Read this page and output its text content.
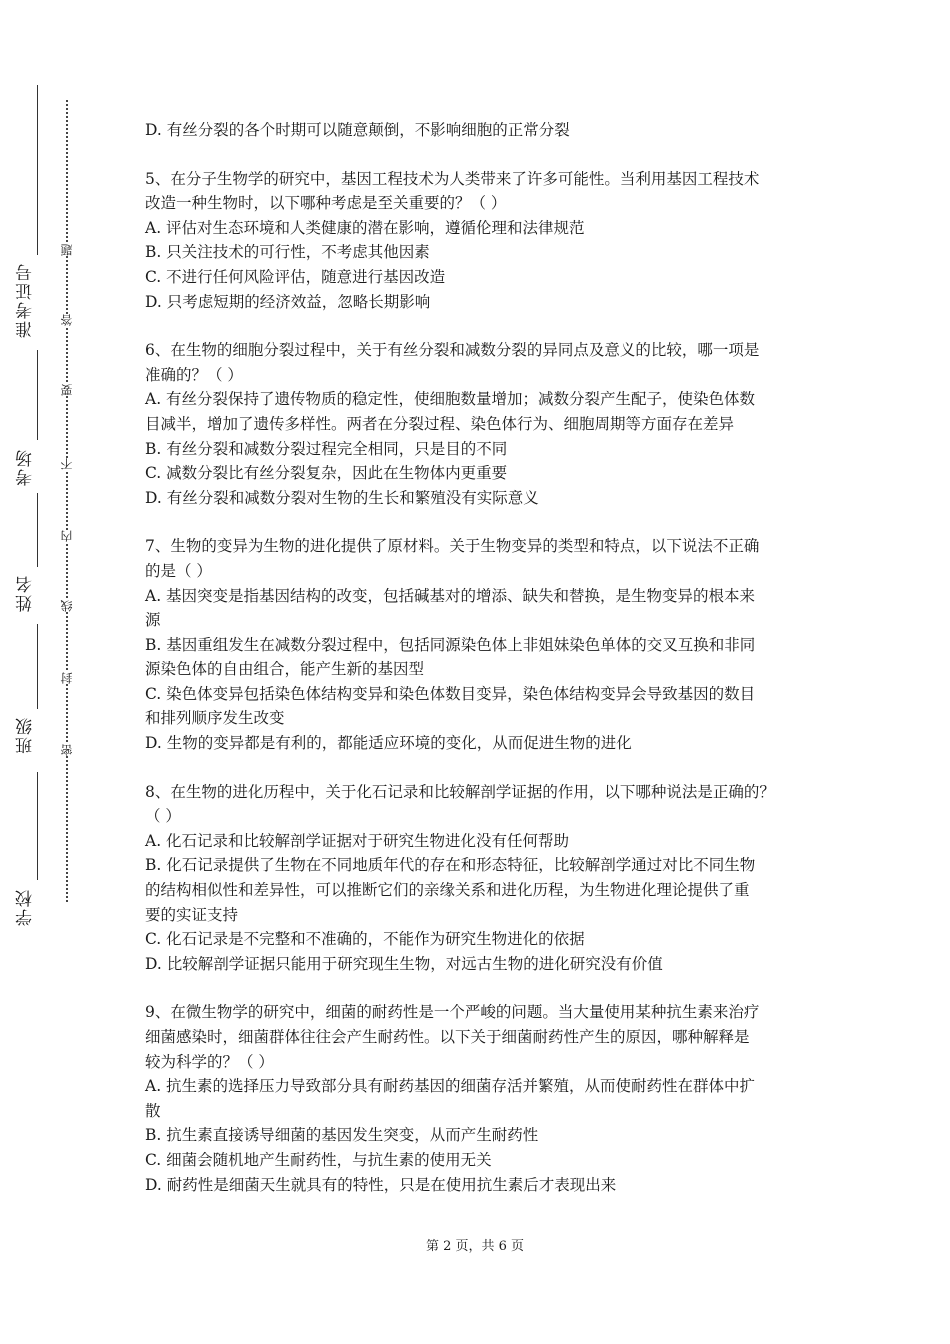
准考证号
考场
姓名
班级
学校
题
答
要
不
内
线
封
密
D. 有丝分裂的各个时期可以随意颠倒，不影响细胞的正常分裂
5、在分子生物学的研究中，基因工程技术为人类带来了许多可能性。当利用基因工程技术
改造一种生物时，以下哪种考虑是至关重要的？（ ）
A. 评估对生态环境和人类健康的潜在影响，遵循伦理和法律规范
B. 只关注技术的可行性，不考虑其他因素
C. 不进行任何风险评估，随意进行基因改造
D. 只考虑短期的经济效益，忽略长期影响
6、在生物的细胞分裂过程中，关于有丝分裂和减数分裂的异同点及意义的比较，哪一项是
准确的？（ ）
A. 有丝分裂保持了遗传物质的稳定性，使细胞数量增加；减数分裂产生配子，使染色体数
目减半，增加了遗传多样性。两者在分裂过程、染色体行为、细胞周期等方面存在差异
B. 有丝分裂和减数分裂过程完全相同，只是目的不同
C. 减数分裂比有丝分裂复杂，因此在生物体内更重要
D. 有丝分裂和减数分裂对生物的生长和繁殖没有实际意义
7、生物的变异为生物的进化提供了原材料。关于生物变异的类型和特点，以下说法不正确
的是（ ）
A. 基因突变是指基因结构的改变，包括碱基对的增添、缺失和替换，是生物变异的根本来
源
B. 基因重组发生在减数分裂过程中，包括同源染色体上非姐妹染色单体的交叉互换和非同
源染色体的自由组合，能产生新的基因型
C. 染色体变异包括染色体结构变异和染色体数目变异，染色体结构变异会导致基因的数目
和排列顺序发生改变
D. 生物的变异都是有利的，都能适应环境的变化，从而促进生物的进化
8、在生物的进化历程中，关于化石记录和比较解剖学证据的作用，以下哪种说法是正确的？
（ ）
A. 化石记录和比较解剖学证据对于研究生物进化没有任何帮助
B. 化石记录提供了生物在不同地质年代的存在和形态特征，比较解剖学通过对比不同生物
的结构相似性和差异性，可以推断它们的亲缘关系和进化历程，为生物进化理论提供了重
要的实证支持
C. 化石记录是不完整和不准确的，不能作为研究生物进化的依据
D. 比较解剖学证据只能用于研究现生生物，对远古生物的进化研究没有价值
9、在微生物学的研究中，细菌的耐药性是一个严峻的问题。当大量使用某种抗生素来治疗
细菌感染时，细菌群体往往会产生耐药性。以下关于细菌耐药性产生的原因，哪种解释是
较为科学的？（ ）
A. 抗生素的选择压力导致部分具有耐药基因的细菌存活并繁殖，从而使耐药性在群体中扩
散
B. 抗生素直接诱导细菌的基因发生突变，从而产生耐药性
C. 细菌会随机地产生耐药性，与抗生素的使用无关
D. 耐药性是细菌天生就具有的特性，只是在使用抗生素后才表现出来
第 2 页，共 6 页
